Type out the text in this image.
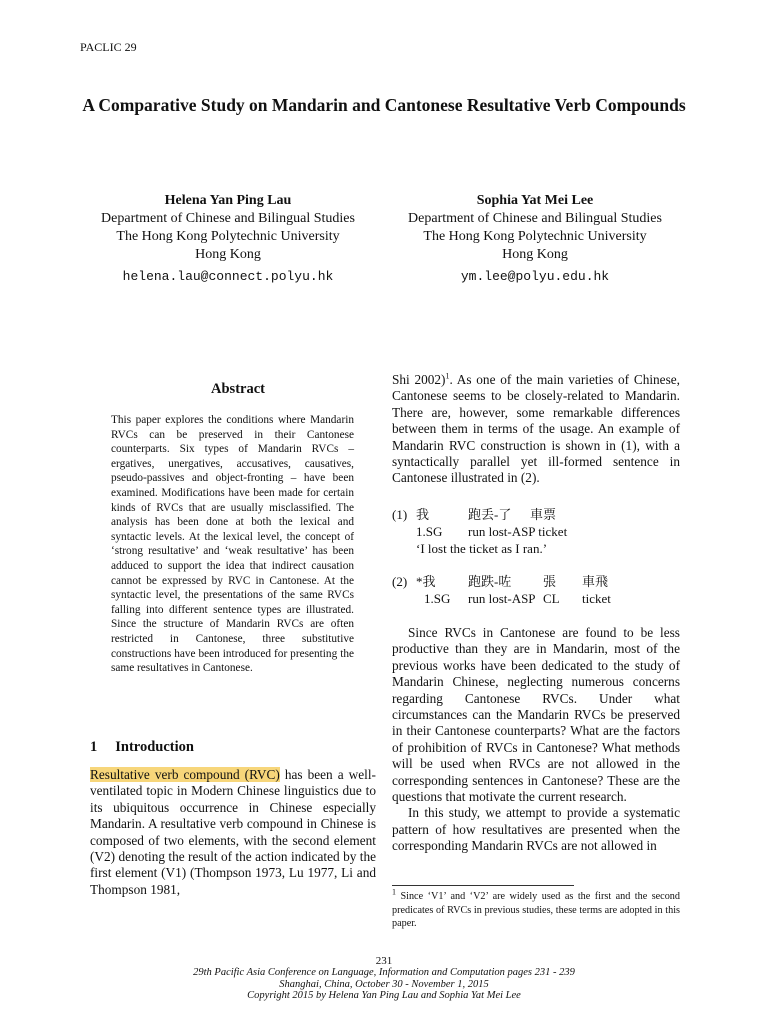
PACLIC 29
A Comparative Study on Mandarin and Cantonese Resultative Verb Compounds
Helena Yan Ping Lau
Department of Chinese and Bilingual Studies
The Hong Kong Polytechnic University
Hong Kong
helena.lau@connect.polyu.hk
Sophia Yat Mei Lee
Department of Chinese and Bilingual Studies
The Hong Kong Polytechnic University
Hong Kong
ym.lee@polyu.edu.hk
Abstract
This paper explores the conditions where Mandarin RVCs can be preserved in their Cantonese counterparts. Six types of Mandarin RVCs – ergatives, unergatives, accusatives, causatives, pseudo-passives and object-fronting – have been examined. Modifications have been made for certain kinds of RVCs that are usually misclassified. The analysis has been done at both the lexical and syntactic levels. At the lexical level, the concept of ‘strong resultative’ and ‘weak resultative’ has been adduced to support the idea that indirect causation cannot be expressed by RVC in Cantonese. At the syntactic level, the presentations of the same RVCs falling into different sentence types are illustrated. Since the structure of Mandarin RVCs are often restricted in Cantonese, three substitutive constructions have been introduced for presenting the same resultatives in Cantonese.
1 Introduction
Resultative verb compound (RVC) has been a well-ventilated topic in Modern Chinese linguistics due to its ubiquitous occurrence in Chinese especially Mandarin. A resultative verb compound in Chinese is composed of two elements, with the second element (V2) denoting the result of the action indicated by the first element (V1) (Thompson 1973, Lu 1977, Li and Thompson 1981,
Shi 2002)$^1$. As one of the main varieties of Chinese, Cantonese seems to be closely-related to Mandarin. There are, however, some remarkable differences between them in terms of the usage. An example of Mandarin RVC construction is shown in (1), with a syntactically parallel yet ill-formed sentence in Cantonese illustrated in (2).
(1) 我	跑丢-了 車票
1.SG run lost-ASP ticket
‘I lost the ticket as I ran.’
(2) *我 跑跌-咗 張 車飛
1.SG run lost-ASP CL ticket

Since RVCs in Cantonese are found to be less productive than they are in Mandarin, most of the previous works have been dedicated to the study of Mandarin Chinese, neglecting numerous concerns regarding Cantonese RVCs. Under what circumstances can the Mandarin RVCs be preserved in their Cantonese counterparts? What are the factors of prohibition of RVCs in Cantonese? What methods will be used when RVCs are not allowed in the corresponding sentences in Cantonese? These are the questions that motivate the current research.

In this study, we attempt to provide a systematic pattern of how resultatives are presented when the corresponding Mandarin RVCs are not allowed in

$^1$ Since ‘V1’ and ‘V2’ are widely used as the first and the second predicates of RVCs in previous studies, these terms are adopted in this paper.
231
29th Pacific Asia Conference on Language, Information and Computation pages 231 - 239
Shanghai, China, October 30 - November 1, 2015
Copyright 2015 by Helena Yan Ping Lau and Sophia Yat Mei Lee
